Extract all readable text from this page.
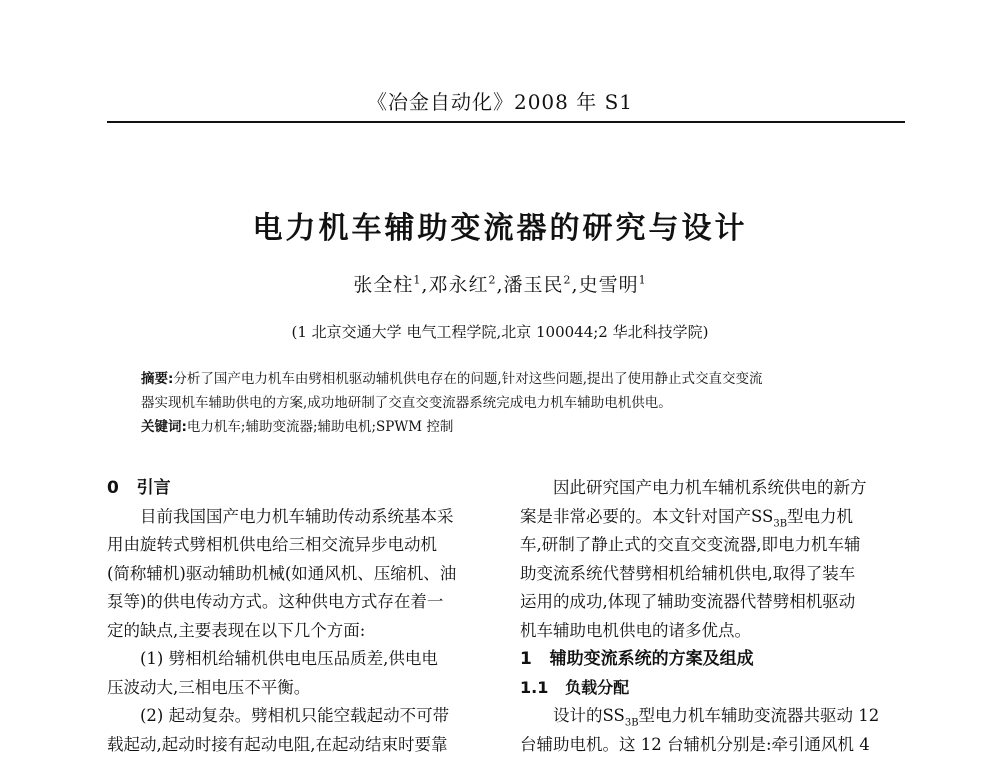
《冶金自动化》2008 年 S1
电力机车辅助变流器的研究与设计
张全柱$^1$,邓永红$^2$,潘玉民$^2$,史雪明$^1$
(1 北京交通大学 电气工程学院,北京 100044;2 华北科技学院)
摘要:分析了国产电力机车由劈相机驱动辅机供电存在的问题,针对这些问题,提出了使用静止式交直交变流
器实现机车辅助供电的方案,成功地研制了交直交变流器系统完成电力机车辅助电机供电。
关键词:电力机车;辅助变流器;辅助电机;SPWM 控制
0 引言
目前我国国产电力机车辅助传动系统基本采
用由旋转式劈相机供电给三相交流异步电动机
(简称辅机)驱动辅助机械(如通风机、压缩机、油
泵等)的供电传动方式。这种供电方式存在着一
定的缺点,主要表现在以下几个方面:
(1) 劈相机给辅机供电电压品质差,供电电
压波动大,三相电压不平衡。
(2) 起动复杂。劈相机只能空载起动不可带
载起动,起动时接有起动电阻,在起动结束时要靠
因此研究国产电力机车辅机系统供电的新方
案是非常必要的。本文针对国产$SS_{3B}$型电力机
车,研制了静止式的交直交变流器,即电力机车辅
助变流系统代替劈相机给辅机供电,取得了装车
运用的成功,体现了辅助变流器代替劈相机驱动
机车辅助电机供电的诸多优点。
1 辅助变流系统的方案及组成
1.1 负载分配
设计的$SS_{3B}$型电力机车辅助变流器共驱动 12
台辅助电机。这 12 台辅机分别是:牵引通风机 4
